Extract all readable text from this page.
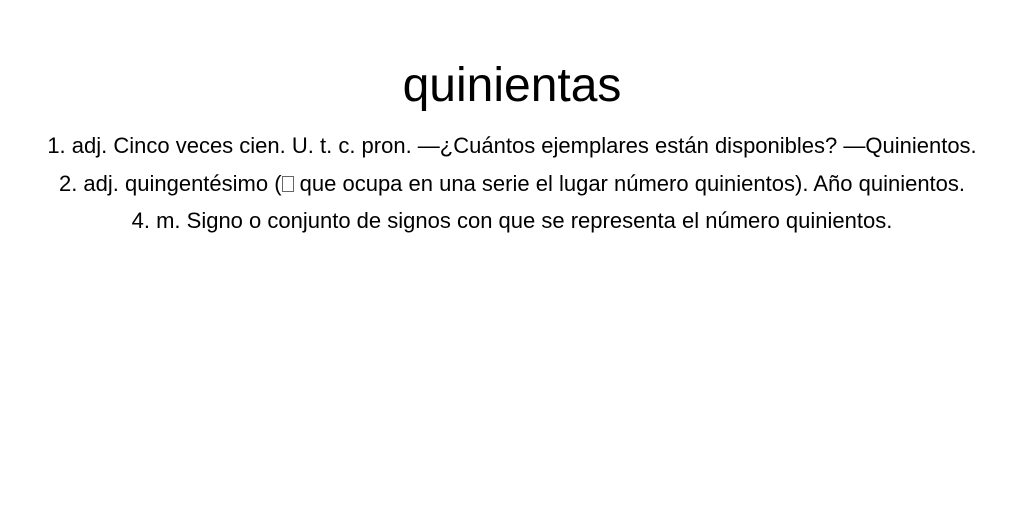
quinientas

1. adj. Cinco veces cien. U. t. c. pron. —¿Cuántos ejemplares están disponibles? —Quinientos.

2. adj. quingentésimo ( que ocupa en una serie el lugar número quinientos). Año quinientos.

4. m. Signo o conjunto de signos con que se representa el número quinientos.
